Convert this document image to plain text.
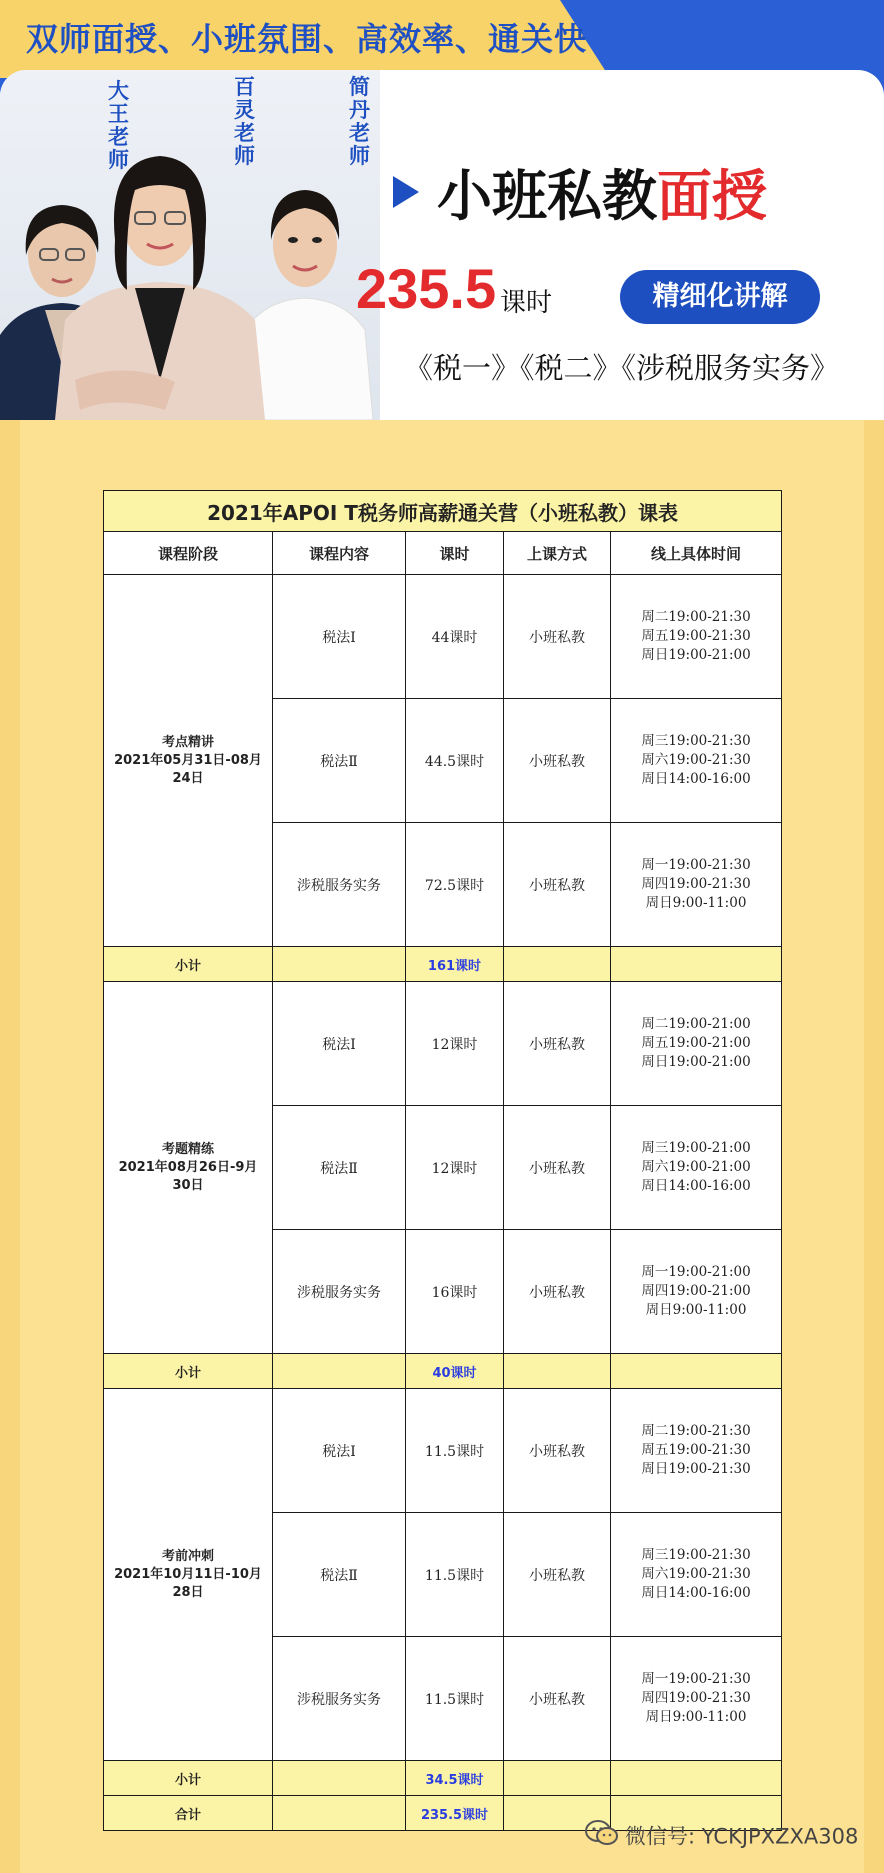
双师面授、小班氛围、高效率、通关快
大王老师
百灵老师
简丹老师
小班私教面授
235.5 课时	精细化讲解
《税一》《税二》《涉税服务实务》
2021年APOI T税务师高薪通关营（小班私教）课表				
课程阶段	课程内容	课时	上课方式	线上具体时间

考点精讲
2021年05月31日-08月24日	税法Ⅰ	44课时	小班私教	周二19:00-21:30
周五19:00-21:30
周日19:00-21:00

	税法Ⅱ	44.5课时	小班私教	周三19:00-21:30
周六19:00-21:30
周日14:00-16:00

	涉税服务实务	72.5课时	小班私教	周一19:00-21:30
周四19:00-21:30
周日9:00-11:00

小计		161课时		

考题精练
2021年08月26日-9月30日	税法Ⅰ	12课时	小班私教	周二19:00-21:00
周五19:00-21:00
周日19:00-21:00

	税法Ⅱ	12课时	小班私教	周三19:00-21:00
周六19:00-21:00
周日14:00-16:00

	涉税服务实务	16课时	小班私教	周一19:00-21:00
周四19:00-21:00
周日9:00-11:00

小计		40课时		

考前冲刺
2021年10月11日-10月28日	税法Ⅰ	11.5课时	小班私教	周二19:00-21:30
周五19:00-21:30
周日19:00-21:30

	税法Ⅱ	11.5课时	小班私教	周三19:00-21:30
周六19:00-21:30
周日14:00-16:00

	涉税服务实务	11.5课时	小班私教	周一19:00-21:30
周四19:00-21:30
周日9:00-11:00

小计		34.5课时		
合计		235.5课时		
微信号: YCKJPXZXA308
